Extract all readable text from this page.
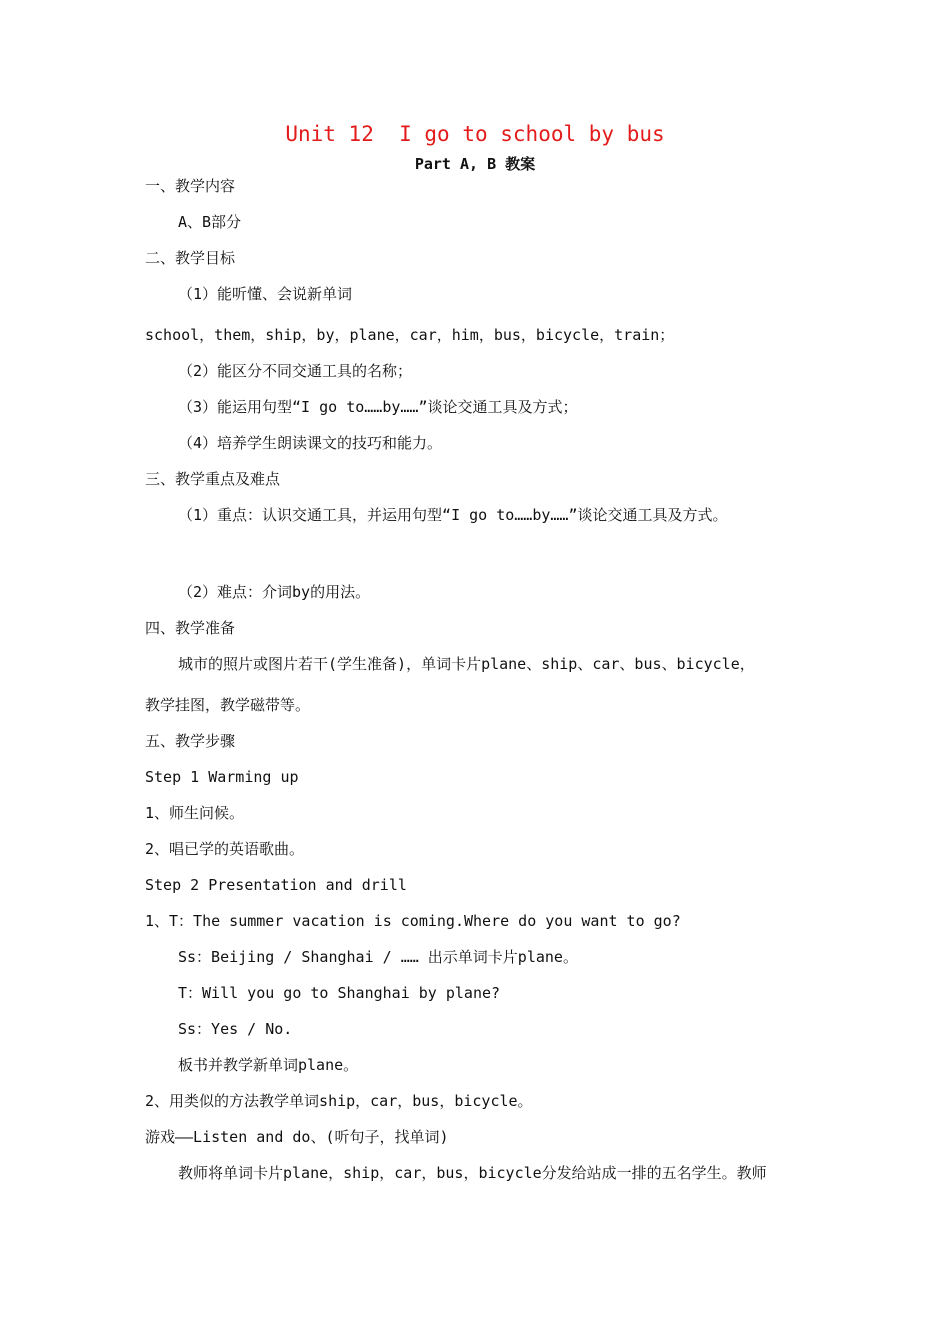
Unit 12  I go to school by bus
Part A, B 教案
一、教学内容
A、B部分
二、教学目标
（1）能听懂、会说新单词
school，them，ship，by，plane，car，him，bus，bicycle，train；
（2）能区分不同交通工具的名称；
（3）能运用句型“I go to……by……”谈论交通工具及方式；
（4）培养学生朗读课文的技巧和能力。
三、教学重点及难点
（1）重点：认识交通工具，并运用句型“I go to……by……”谈论交通工具及方式。
（2）难点：介词by的用法。
四、教学准备
城市的照片或图片若干(学生准备)，单词卡片plane、ship、car、bus、bicycle，
教学挂图，教学磁带等。
五、教学步骤
Step 1 Warming up
1、师生问候。
2、唱已学的英语歌曲。
Step 2 Presentation and drill
1、T：The summer vacation is coming.Where do you want to go?
Ss：Beijing / Shanghai / …… 出示单词卡片plane。
T：Will you go to Shanghai by plane?
Ss：Yes / No.
板书并教学新单词plane。
2、用类似的方法教学单词ship，car，bus，bicycle。
游戏——Listen and do、(听句子，找单词)
教师将单词卡片plane，ship，car，bus，bicycle分发给站成一排的五名学生。教师
